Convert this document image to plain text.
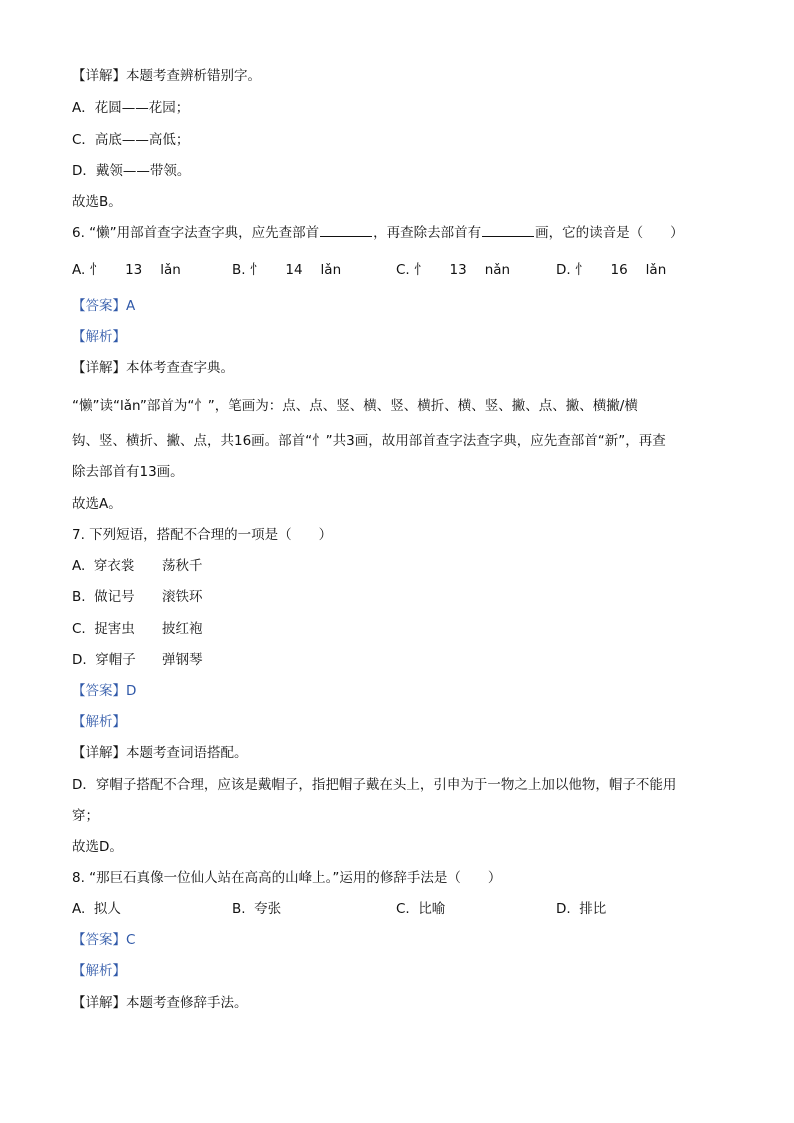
【详解】本题考查辨析错别字。
A．花圆——花园；
C．高底——高低；
D．戴领——带领。
故选B。
6. “懒”用部首查字法查字典，应先查部首	，再查除去部首有	画，它的读音是（　　）
A. 忄 13 lǎn	B. 忄 14 lǎn	C. 忄 13 nǎn	D. 忄 16 lǎn
【答案】A
【解析】
【详解】本体考查查字典。
“懒”读“lǎn”部首为“忄”，笔画为：点、点、竖、横、竖、横折、横、竖、撇、点、撇、横撇/横
钩、竖、横折、撇、点，共16画。部首“忄”共3画，故用部首查字法查字典，应先查部首“新”，再查
除去部首有13画。
故选A。
7. 下列短语，搭配不合理的一项是（　　）
A. 穿衣裳 荡秋千
B. 做记号 滚铁环
C. 捉害虫 披红袍
D. 穿帽子 弹钢琴
【答案】D
【解析】
【详解】本题考查词语搭配。
D．穿帽子搭配不合理，应该是戴帽子，指把帽子戴在头上，引申为于一物之上加以他物，帽子不能用
穿；
故选D。
8. “那巨石真像一位仙人站在高高的山峰上。”运用的修辞手法是（　　）
A. 拟人	B. 夸张	C. 比喻	D. 排比
【答案】C
【解析】
【详解】本题考查修辞手法。
